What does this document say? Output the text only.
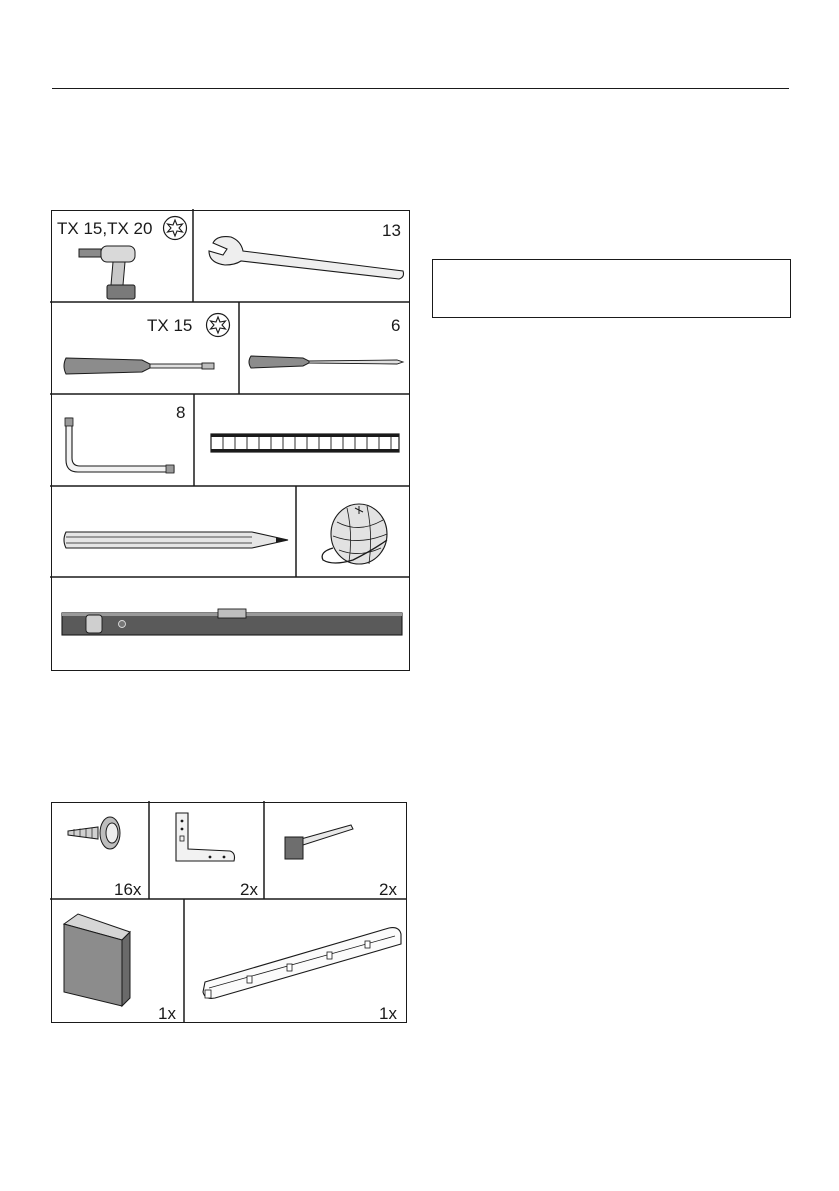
TX 15,TX 20	13
TX 15	6
8
16x	2x	2x
1x	1x
